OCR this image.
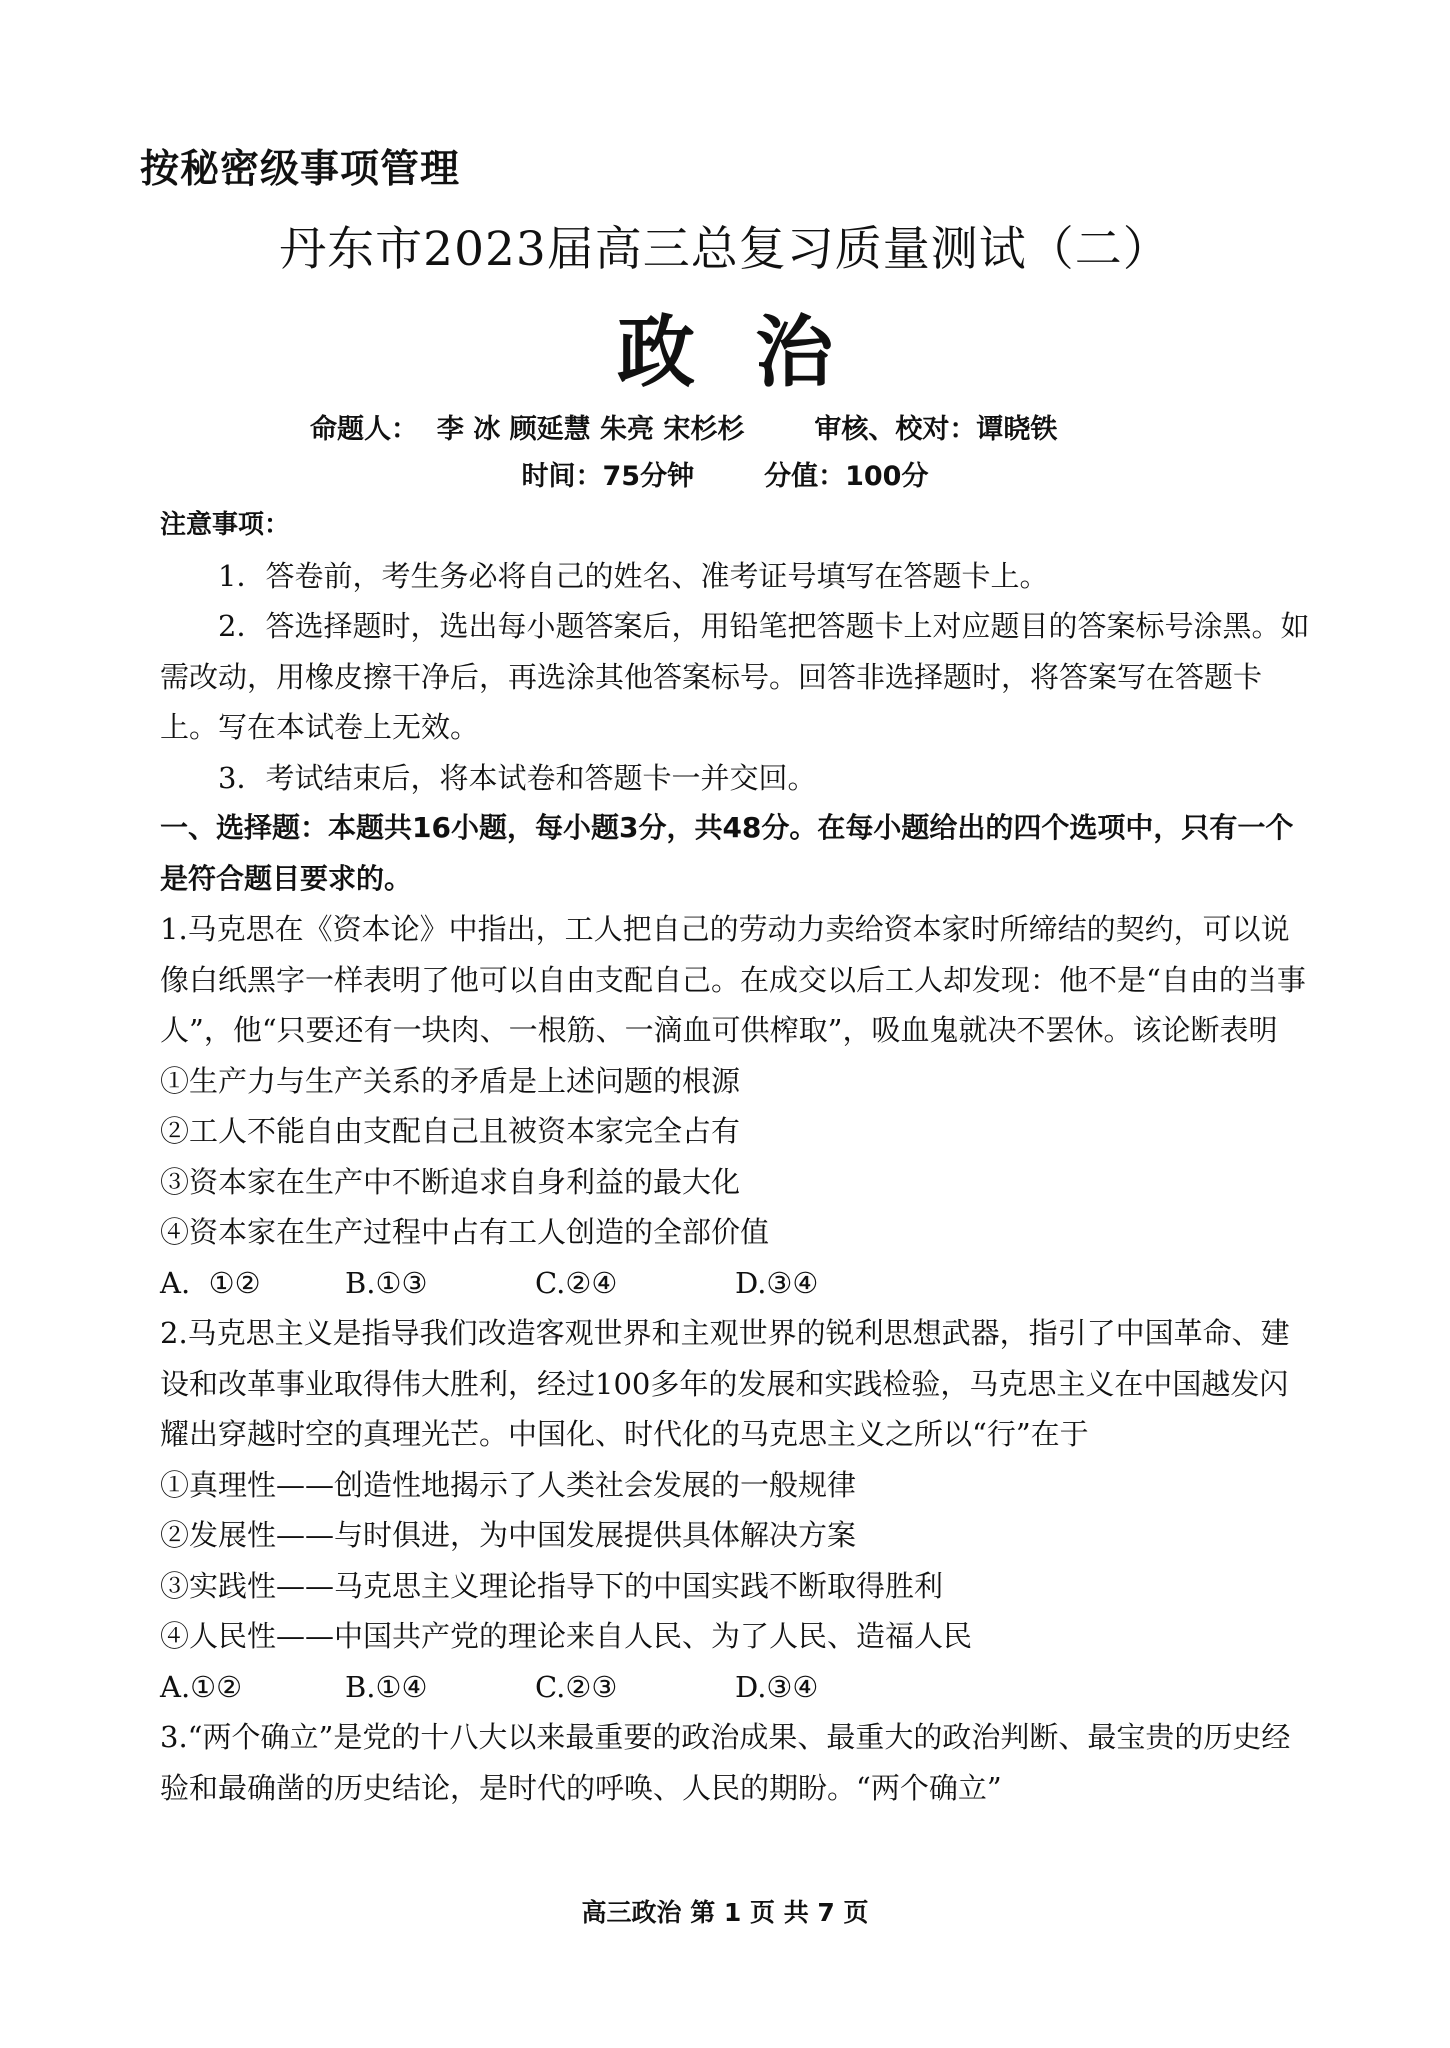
按秘密级事项管理
丹东市2023届高三总复习质量测试（二）
政治
命题人： 李 冰 顾延慧 朱亮 宋杉杉	审核、校对：谭晓铁
时间：75分钟	分值：100分

注意事项：

1．答卷前，考生务必将自己的姓名、准考证号填写在答题卡上。

2．答选择题时，选出每小题答案后，用铅笔把答题卡上对应题目的答案标号涂黑。如需改动，用橡皮擦干净后，再选涂其他答案标号。回答非选择题时，将答案写在答题卡上。写在本试卷上无效。

3．考试结束后，将本试卷和答题卡一并交回。

一、选择题：本题共16小题，每小题3分，共48分。在每小题给出的四个选项中，只有一个是符合题目要求的。

1.马克思在《资本论》中指出，工人把自己的劳动力卖给资本家时所缔结的契约，可以说像白纸黑字一样表明了他可以自由支配自己。在成交以后工人却发现：他不是“自由的当事人”，他“只要还有一块肉、一根筋、一滴血可供榨取”，吸血鬼就决不罢休。该论断表明

①生产力与生产关系的矛盾是上述问题的根源

②工人不能自由支配自己且被资本家完全占有

③资本家在生产中不断追求自身利益的最大化

④资本家在生产过程中占有工人创造的全部价值

A.  ①②	B.①③	C.②④	D.③④

2.马克思主义是指导我们改造客观世界和主观世界的锐利思想武器，指引了中国革命、建设和改革事业取得伟大胜利，经过100多年的发展和实践检验，马克思主义在中国越发闪耀出穿越时空的真理光芒。中国化、时代化的马克思主义之所以“行”在于

①真理性——创造性地揭示了人类社会发展的一般规律

②发展性——与时俱进，为中国发展提供具体解决方案

③实践性——马克思主义理论指导下的中国实践不断取得胜利

④人民性——中国共产党的理论来自人民、为了人民、造福人民

A.①②	B.①④	C.②③	D.③④

3.“两个确立”是党的十八大以来最重要的政治成果、最重大的政治判断、最宝贵的历史经验和最确凿的历史结论，是时代的呼唤、人民的期盼。“两个确立”

高三政治 第 1 页 共 7 页
